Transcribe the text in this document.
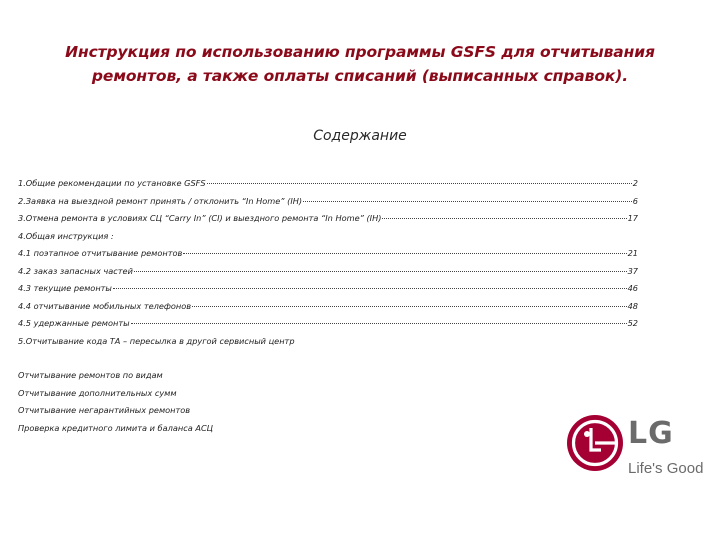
Инструкция по использованию программы GSFS для отчитывания
ремонтов, а также оплаты списаний (выписанных справок).
Содержание
1.Общие рекомендации по установке GSFS	2
2.Заявка на выездной ремонт принять / отклонить “In Home” (IH)	6
3.Отмена ремонта в условиях СЦ “Carry In” (CI) и выездного ремонта “In Home” (IH)	17
4.Общая инструкция :
4.1 поэтапное отчитывание ремонтов	21
4.2 заказ запасных частей	37
4.3 текущие ремонты	46
4.4 отчитывание мобильных телефонов	48
4.5 удержанные ремонты	52
5.Отчитывание кода ТА – пересылка в другой сервисный центр
Отчитывание ремонтов по видам
Отчитывание дополнительных сумм
Отчитывание негарантийных ремонтов
Проверка кредитного лимита и баланса АСЦ	LG
Life's Good
